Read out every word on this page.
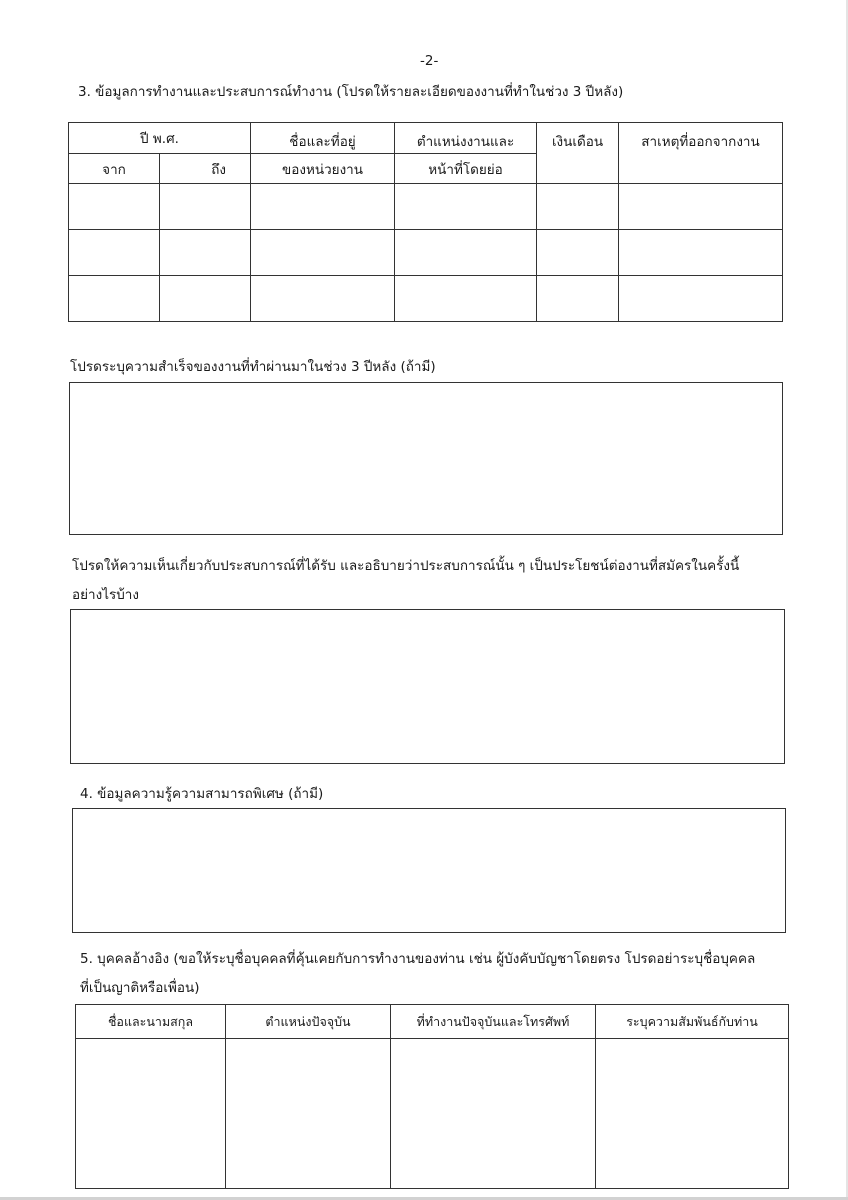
-2-
3. ข้อมูลการทำงานและประสบการณ์ทำงาน (โปรดให้รายละเอียดของงานที่ทำในช่วง 3 ปีหลัง)
ปี พ.ศ.		ชื่อและที่อยู่	ตำแหน่งงานและ	เงินเดือน	สาเหตุที่ออกจากงาน
จาก	ถึง	ของหน่วยงาน	หน้าที่โดยย่อ		

โปรดระบุความสำเร็จของงานที่ทำผ่านมาในช่วง 3 ปีหลัง (ถ้ามี)
โปรดให้ความเห็นเกี่ยวกับประสบการณ์ที่ได้รับ และอธิบายว่าประสบการณ์นั้น ๆ เป็นประโยชน์ต่องานที่สมัครในครั้งนี้
อย่างไรบ้าง
4. ข้อมูลความรู้ความสามารถพิเศษ (ถ้ามี)
5. บุคคลอ้างอิง (ขอให้ระบุชื่อบุคคลที่คุ้นเคยกับการทำงานของท่าน เช่น ผู้บังคับบัญชาโดยตรง โปรดอย่าระบุชื่อบุคคล
ที่เป็นญาติหรือเพื่อน)
ชื่อและนามสกุล	ตำแหน่งปัจจุบัน	ที่ทำงานปัจจุบันและโทรศัพท์	ระบุความสัมพันธ์กับท่าน
